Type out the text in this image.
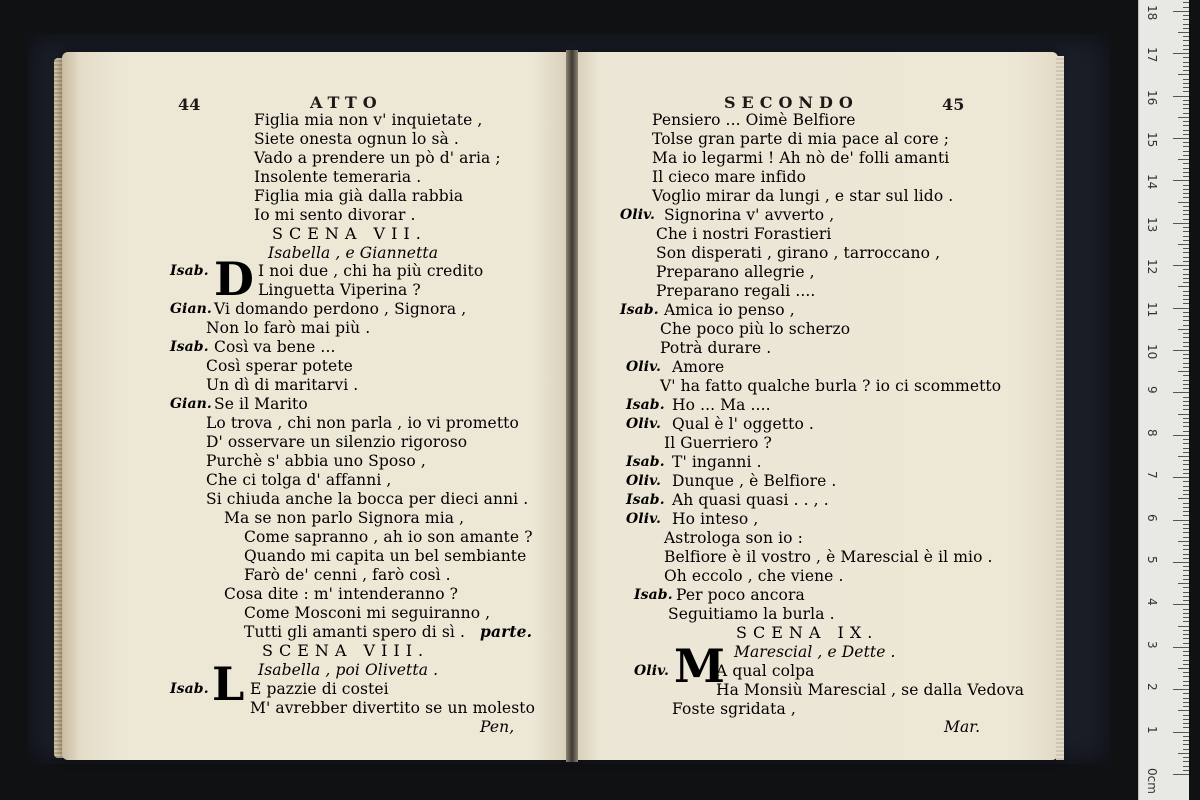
44	ATTO	SECONDO	45
Figlia mia non v' inquietate ,
Siete onesta ognun lo sà .
Vado a prendere un pò d' aria ;
Insolente temeraria .
Figlia mia già dalla rabbia
Io mi sento divorar .
SCENA VII.
Isabella , e Giannetta
Isab.	I noi due , chi ha più credito
Linguetta Viperina ?
Gian. Vi domando perdono , Signora ,
Non lo farò mai più .
Isab. Così va bene ...
Così sperar potete
Un dì di maritarvi .
Gian. Se il Marito
Lo trova , chi non parla , io vi prometto
D' osservare un silenzio rigoroso
Purchè s' abbia uno Sposo ,
Che ci tolga d' affanni ,
Si chiuda anche la bocca per dieci anni .
Ma se non parlo Signora mia ,
Come sapranno , ah io son amante ?
Quando mi capita un bel sembiante
Farò de' cenni , farò così .
Cosa dite : m' intenderanno ?
Come Mosconi mi seguiranno ,
Tutti gli amanti spero di sì . parte.
SCENA VIII.
Isabella , poi Olivetta .
Isab.	E pazzie di costei
M' avrebber divertito se un molesto
Pen,
D
L
Pensiero ... Oimè Belfiore
Tolse gran parte di mia pace al core ;
Ma io legarmi ! Ah nò de' folli amanti
Il cieco mare infido
Voglio mirar da lungi , e star sul lido .
Oliv. Signorina v' avverto ,
Che i nostri Forastieri
Son disperati , girano , tarroccano ,
Preparano allegrie ,
Preparano regali ....
Isab. Amica io penso ,
Che poco più lo scherzo
Potrà durare .
Oliv. Amore
V' ha fatto qualche burla ? io ci scommetto
Isab. Ho ... Ma ....
Oliv. Qual è l' oggetto .
Il Guerriero ?
Isab. T' inganni .
Oliv. Dunque , è Belfiore .
Isab. Ah quasi quasi . . , .
Oliv. Ho inteso ,
Astrologa son io :
Belfiore è il vostro , è Marescial è il mio .
Oh eccolo , che viene .
Isab. Per poco ancora
Seguitiamo la burla .
SCENA IX.
Marescial , e Dette .
Oliv.	A qual colpa
Ha Monsiù Marescial , se dalla Vedova
Foste sgridata ,
Mar.
M
0cm
1
2
3
4
5
6
7
8
9
10
11
12
13
14
15
16
17
18
